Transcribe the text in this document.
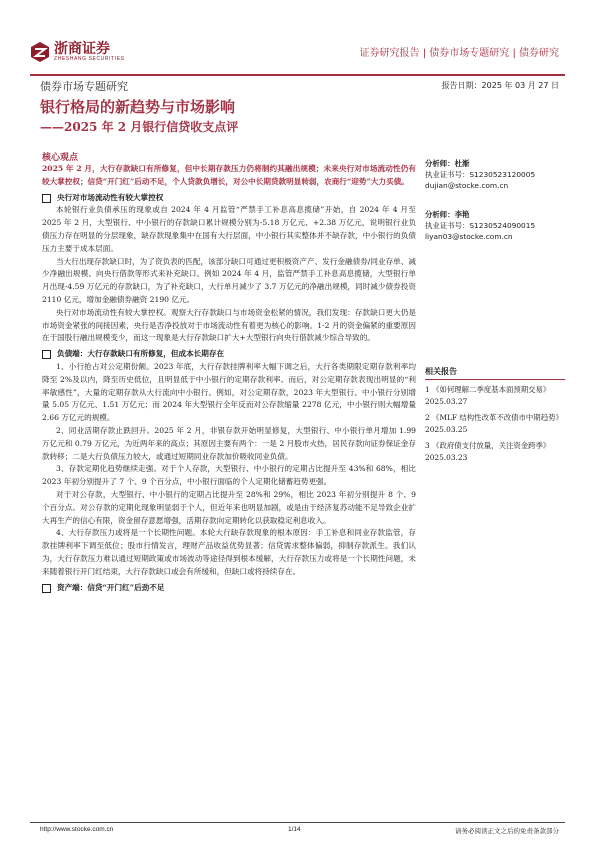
浙商证券
ZHESHANG SECURITIES	证券研究报告 | 债券市场专题研究 | 债券研究
债券市场专题研究	报告日期：2025 年 03 月 27 日
银行格局的新趋势与市场影响
——2025 年 2 月银行信贷收支点评
核心观点

2025 年 2 月，大行存款缺口有所修复，但中长期存款压力仍将制约其融出规模；未来央行对市场流动性仍有较大掌控权；信贷“开门红”后动不足，个人贷款负增长，对公中长期贷款明显转弱，农商行“迎势”大力买债。

央行对市场流动性有较大掌控权

本轮银行业负债承压的现象或自 2024 年 4 月监管“严禁手工补息高息揽储”开始，自 2024 年 4 月至 2025 年 2 月，大型银行、中小银行的存款缺口累计规模分别为-5.18 万亿元、+2.38 万亿元，说明银行业负债压力存在明显的分层现象，缺存款现象集中在国有大行层面，中小银行其实整体并不缺存款，中小银行的负债压力主要于成本层面。

当大行出现存款缺口时，为了资负表的匹配，该部分缺口可通过更积极资产产、发行金融债券/同业存单、减少净融出规模、向央行借款等形式来补充缺口。例如 2024 年 4 月，监管严禁手工补息高息揽储，大型银行单月出现-4.59 万亿元的存款缺口，为了补充缺口，大行单月减少了 3.7 万亿元的净融出规模，同时减少债券投资 2110 亿元，增加金融债券融资 2190 亿元。

央行对市场流动性有较大掌控权。观察大行存款缺口与市场资金松紧的情况，我们发现：存款缺口更大仍是市场资金紧张的间接因素，央行是否净投放对于市场流动性有着更为核心的影响。1-2 月的资金偏紧的重要原因在于国股行融出规模变少，而这一现象是大行存款缺口扩大+大型银行向央行借款减少综合导致的。

负债端：大行存款缺口有所修复，但成本长期存在

1、小行抢占对公定期份额。2023 年底，大行存款挂牌利率大幅下调之后，大行各类期限定期存款利率均降至 2%及以内，降至历史低位，且明显低于中小银行的定期存款利率。而后，对公定期存款表现出明显的“利率敏感性”，大量的定期存款从大行流向中小银行。例如，对公定期存款，2023 年大型银行、中小银行分别增量 5.05 万亿元、1.51 万亿元；而 2024 年大型银行全年反而对公存款缩量 2278 亿元，中小银行则大幅增量 2.66 万亿元的规模。

2、同业活期存款止跌回升。2025 年 2 月，非银存款开始明显修复，大型银行、中小银行单月增加 1.99 万亿元和 0.79 万亿元，为近两年来的高点；其原因主要有两个：一是 2 月股市火热，居民存款向证券保证金存款转移；二是大行负债压力较大，或通过短期同业存款加价吸收同业负债。

3、存款定期化趋势继续走强。对于个人存款，大型银行、中小银行的定期占比提升至 43%和 68%，相比 2023 年初分别提升了 7 个、9 个百分点，中小银行面临的个人定期化储蓄趋势更强。

对于对公存款，大型银行、中小银行的定期占比提升至 28%和 29%，相比 2023 年初分别提升 8 个、9 个百分点。对公存款的定期化现象明显弱于个人，但近年来也明显加剧，或是由于经济复苏动能不足导致企业扩大再生产的信心有限，资金留存意愿增强，活期存款向定期转化以获取稳定利息收入。

4、大行存款压力或将是一个长期性问题。本轮大行缺存款现象的根本原因：手工补息和同业存款监管，存款挂牌利率下调至低位；股市行情发言，理财产品收益优势显著；信贷需求整体偏弱，抑制存款派生。我们认为，大行存款压力难以通过短期政策或市场波动等途径得到根本缓解，大行存款压力或将是一个长期性问题，未来随着银行开门红结束，大行存款缺口或会有所缓和，但缺口或将持续存在。

资产端：信贷“开门红”后劲不足
分析师：杜渐
执业证书号：S1230523120005
dujian@stocke.com.cn
分析师：李艳
执业证书号：S1230524090015
liyan03@stocke.com.cn
相关报告
1 《如何理解二季度基本面预期交易》 2025.03.27
2 《MLF 结构性改革不改债市中期趋势》 2025.03.25
3 《政府债支付放量，关注资金跨季》 2025.03.23
http://www.stocke.com.cn	1/14	请务必阅读正文之后的免责条款部分
